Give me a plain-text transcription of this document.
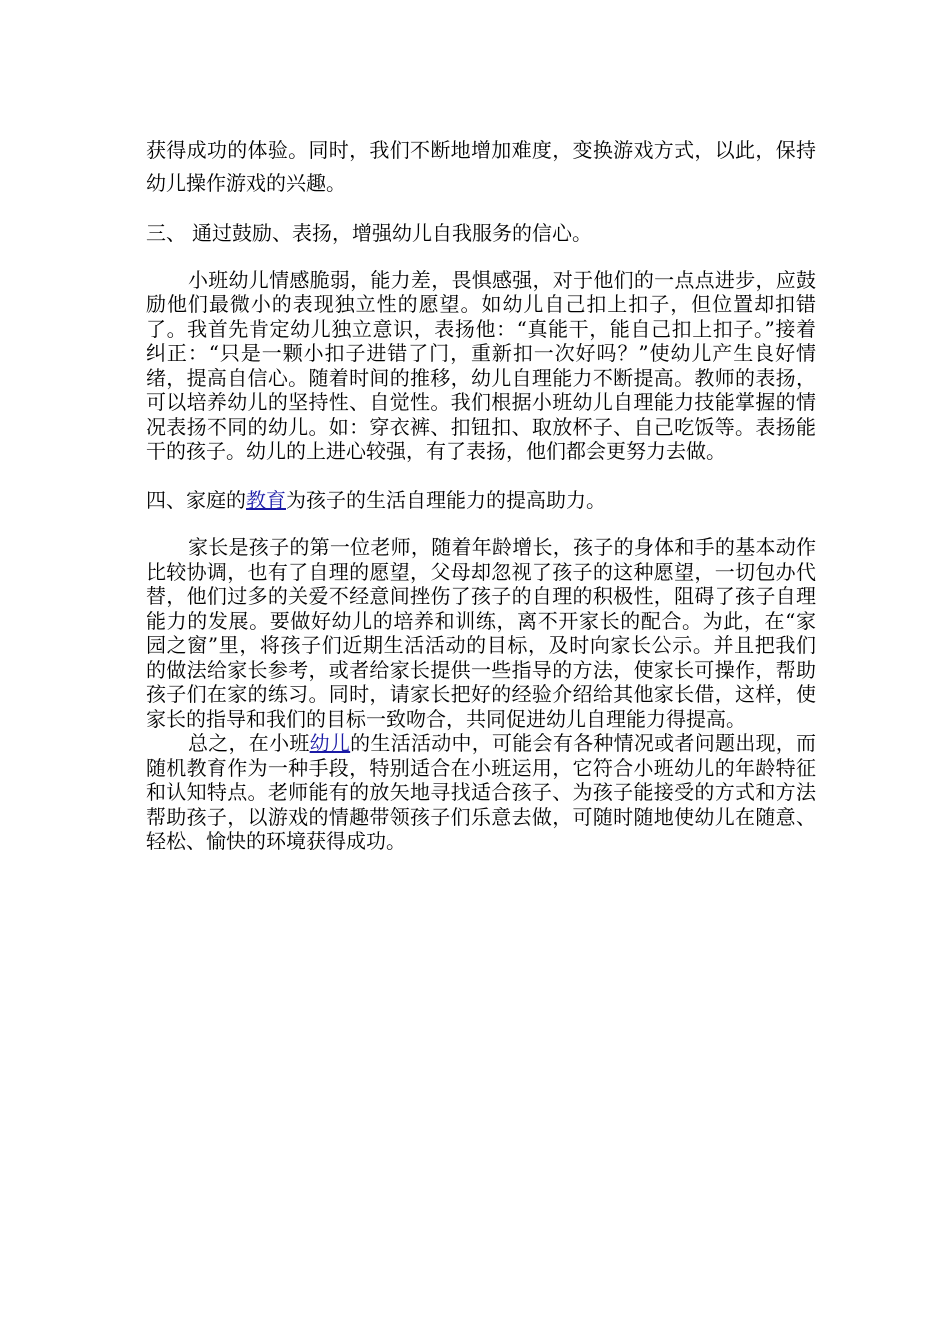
获得成功的体验。同时，我们不断地增加难度，变换游戏方式，以此，保持幼儿操作游戏的兴趣。

三、 通过鼓励、表扬，增强幼儿自我服务的信心。

小班幼儿情感脆弱，能力差，畏惧感强，对于他们的一点点进步，应鼓励他们最微小的表现独立性的愿望。如幼儿自己扣上扣子，但位置却扣错了。我首先肯定幼儿独立意识，表扬他：“真能干，能自己扣上扣子。”接着纠正：“只是一颗小扣子进错了门，重新扣一次好吗？”使幼儿产生良好情绪，提高自信心。随着时间的推移，幼儿自理能力不断提高。教师的表扬，可以培养幼儿的坚持性、自觉性。我们根据小班幼儿自理能力技能掌握的情况表扬不同的幼儿。如：穿衣裤、扣钮扣、取放杯子、自己吃饭等。表扬能干的孩子。幼儿的上进心较强，有了表扬，他们都会更努力去做。

四、家庭的教育为孩子的生活自理能力的提高助力。

家长是孩子的第一位老师，随着年龄增长，孩子的身体和手的基本动作比较协调，也有了自理的愿望，父母却忽视了孩子的这种愿望，一切包办代替，他们过多的关爱不经意间挫伤了孩子的自理的积极性，阻碍了孩子自理能力的发展。要做好幼儿的培养和训练，离不开家长的配合。为此，在“家园之窗”里，将孩子们近期生活活动的目标，及时向家长公示。并且把我们的做法给家长参考，或者给家长提供一些指导的方法，使家长可操作，帮助孩子们在家的练习。同时，请家长把好的经验介绍给其他家长借，这样，使家长的指导和我们的目标一致吻合，共同促进幼儿自理能力得提高。

总之，在小班幼儿的生活活动中，可能会有各种情况或者问题出现，而随机教育作为一种手段，特别适合在小班运用，它符合小班幼儿的年龄特征和认知特点。老师能有的放矢地寻找适合孩子、为孩子能接受的方式和方法帮助孩子，以游戏的情趣带领孩子们乐意去做，可随时随地使幼儿在随意、轻松、愉快的环境获得成功。
